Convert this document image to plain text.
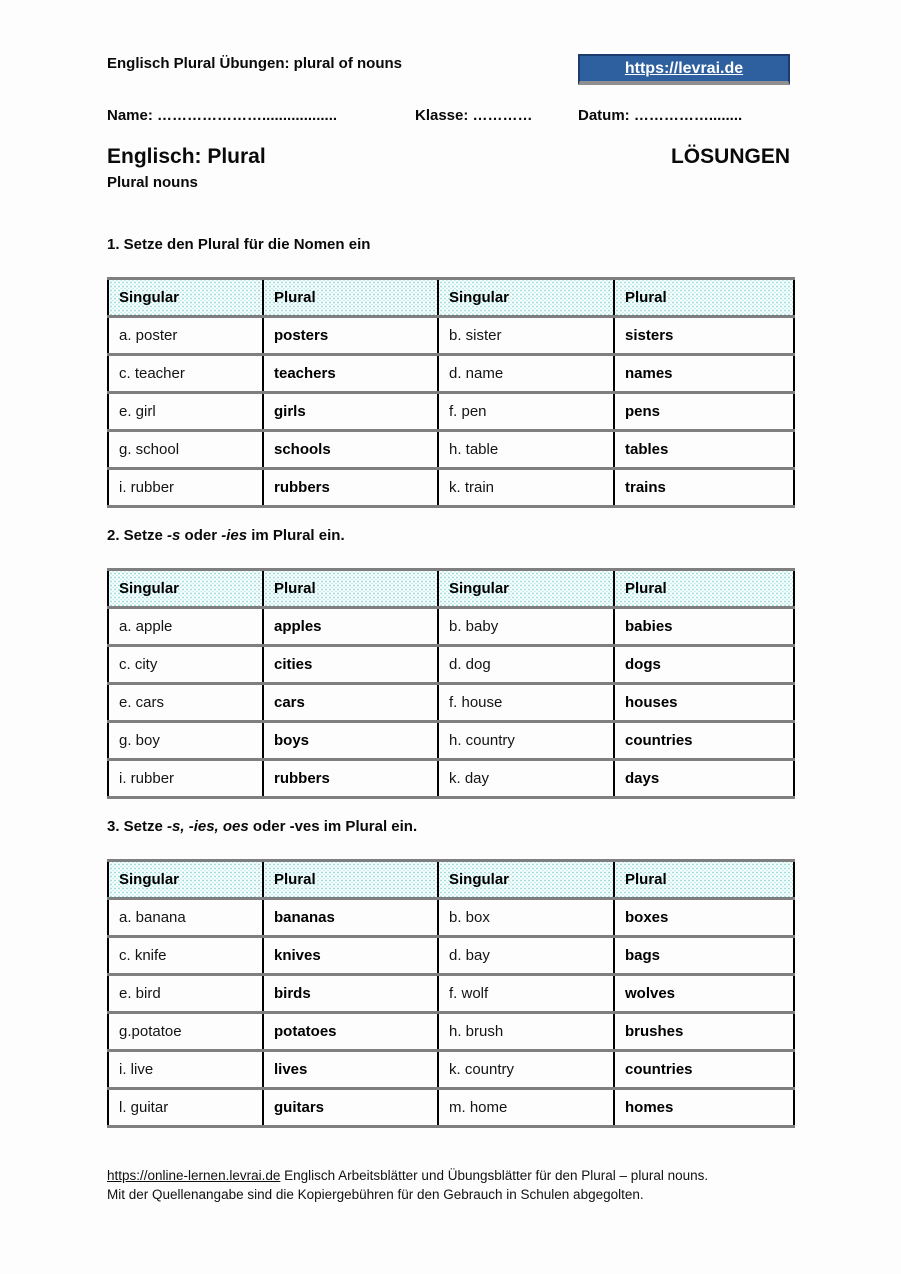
Englisch Plural Übungen: plural of nouns	https://levrai.de
Name: …………………..................	Klasse: …………	Datum: ……………........
Englisch: Plural	LÖSUNGEN
Plural nouns
1. Setze den Plural für die Nomen ein
Singular	Plural	Singular	Plural
a. poster	posters	b. sister	sisters
c. teacher	teachers	d. name	names
e. girl	girls	f. pen	pens
g. school	schools	h. table	tables
i. rubber	rubbers	k. train	trains
2. Setze -s oder -ies im Plural ein.
Singular	Plural	Singular	Plural
a. apple	apples	b. baby	babies
c. city	cities	d. dog	dogs
e. cars	cars	f. house	houses
g. boy	boys	h. country	countries
i. rubber	rubbers	k. day	days
3. Setze -s, -ies, oes oder -ves im Plural ein.
Singular	Plural	Singular	Plural
a. banana	bananas	b. box	boxes
c. knife	knives	d. bay	bags
e. bird	birds	f. wolf	wolves
g.potatoe	potatoes	h. brush	brushes
i. live	lives	k. country	countries
l. guitar	guitars	m. home	homes
https://online-lernen.levrai.de Englisch Arbeitsblätter und Übungsblätter für den Plural – plural nouns.
Mit der Quellenangabe sind die Kopiergebühren für den Gebrauch in Schulen abgegolten.
